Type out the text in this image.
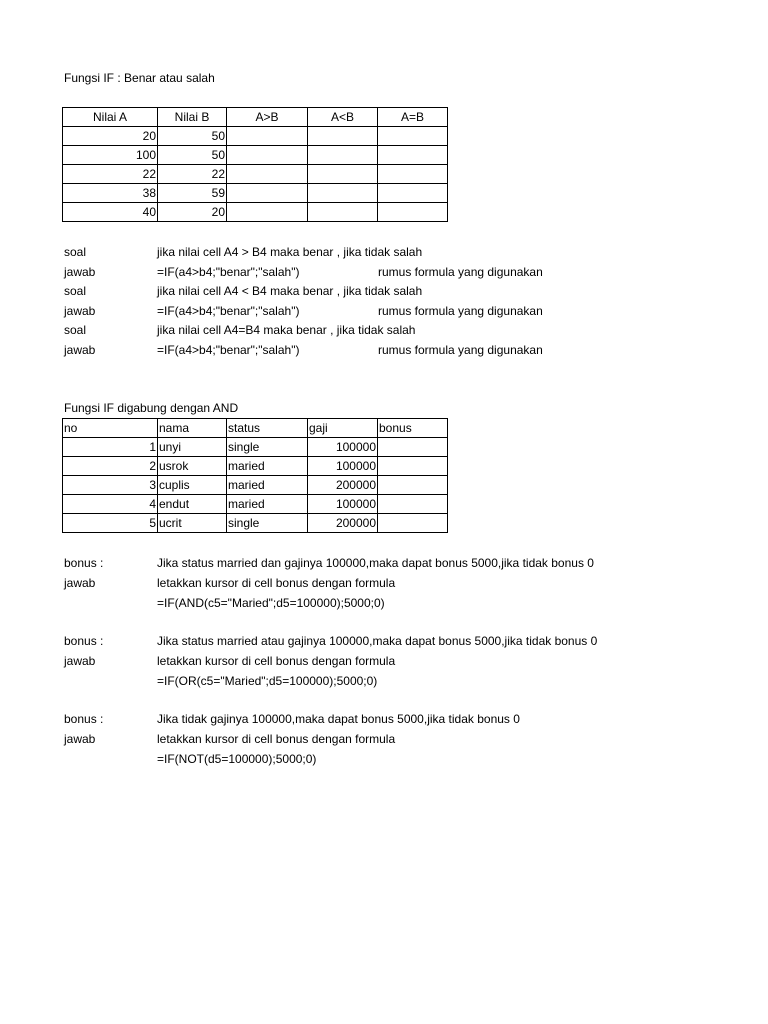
Fungsi IF : Benar atau salah
Nilai A	Nilai B	A>B	A<B	A=B
20	50			
100	50			
22	22			
38	59			
40	20			
soal	jika nilai cell A4 > B4 maka benar , jika tidak salah
jawab	=IF(a4>b4;"benar";"salah")	rumus formula yang digunakan
soal	jika nilai cell A4 < B4 maka benar , jika tidak salah
jawab	=IF(a4>b4;"benar";"salah")	rumus formula yang digunakan
soal	jika nilai cell A4=B4 maka benar , jika tidak salah
jawab	=IF(a4>b4;"benar";"salah")	rumus formula yang digunakan
Fungsi IF digabung dengan AND
no	nama	status	gaji	bonus
1	unyi	single	100000	
2	usrok	maried	100000	
3	cuplis	maried	200000	
4	endut	maried	100000	
5	ucrit	single	200000	
bonus :	Jika status married dan gajinya 100000,maka dapat bonus 5000,jika tidak bonus 0
jawab	letakkan kursor di cell bonus dengan formula
=IF(AND(c5="Maried";d5=100000);5000;0)
bonus :	Jika status married atau gajinya 100000,maka dapat bonus 5000,jika tidak bonus 0
jawab	letakkan kursor di cell bonus dengan formula
=IF(OR(c5="Maried";d5=100000);5000;0)
bonus :	Jika tidak gajinya 100000,maka dapat bonus 5000,jika tidak bonus 0
jawab	letakkan kursor di cell bonus dengan formula
=IF(NOT(d5=100000);5000;0)
